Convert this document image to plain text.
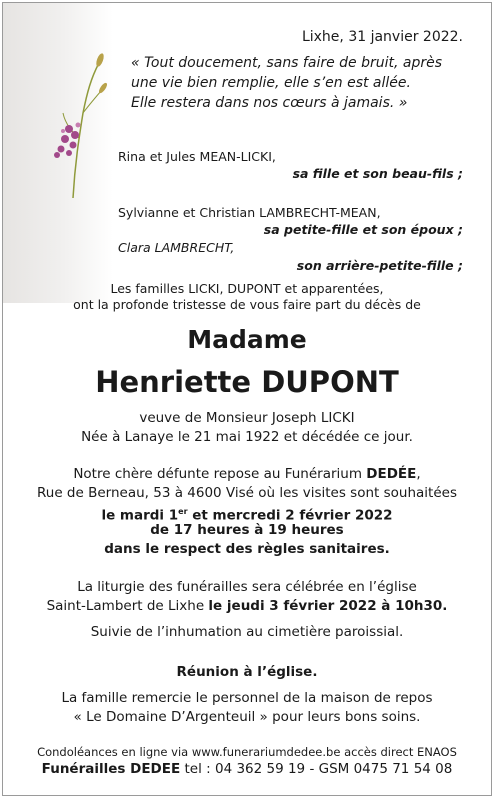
Lixhe, 31 janvier 2022.
« Tout doucement, sans faire de bruit, après
une vie bien remplie, elle s’en est allée.
Elle restera dans nos cœurs à jamais. »
Rina et Jules MEAN-LICKI,
sa fille et son beau-fils ;
Sylvianne et Christian LAMBRECHT-MEAN,
sa petite-fille et son époux ;
Clara LAMBRECHT,
son arrière-petite-fille ;
Les familles LICKI, DUPONT et apparentées,
ont la profonde tristesse de vous faire part du décès de
Madame
Henriette DUPONT
veuve de Monsieur Joseph LICKI
Née à Lanaye le 21 mai 1922 et décédée ce jour.
Notre chère défunte repose au Funérarium DEDÉE,
Rue de Berneau, 53 à 4600 Visé où les visites sont souhaitées
le mardi 1er et mercredi 2 février 2022
de 17 heures à 19 heures
dans le respect des règles sanitaires.
La liturgie des funérailles sera célébrée en l’église
Saint-Lambert de Lixhe le jeudi 3 février 2022 à 10h30.
Suivie de l’inhumation au cimetière paroissial.
Réunion à l’église.
La famille remercie le personnel de la maison de repos
« Le Domaine D’Argenteuil » pour leurs bons soins.
Condoléances en ligne via www.funerariumdedee.be accès direct ENAOS
Funérailles DEDEE tel : 04 362 59 19 - GSM 0475 71 54 08
